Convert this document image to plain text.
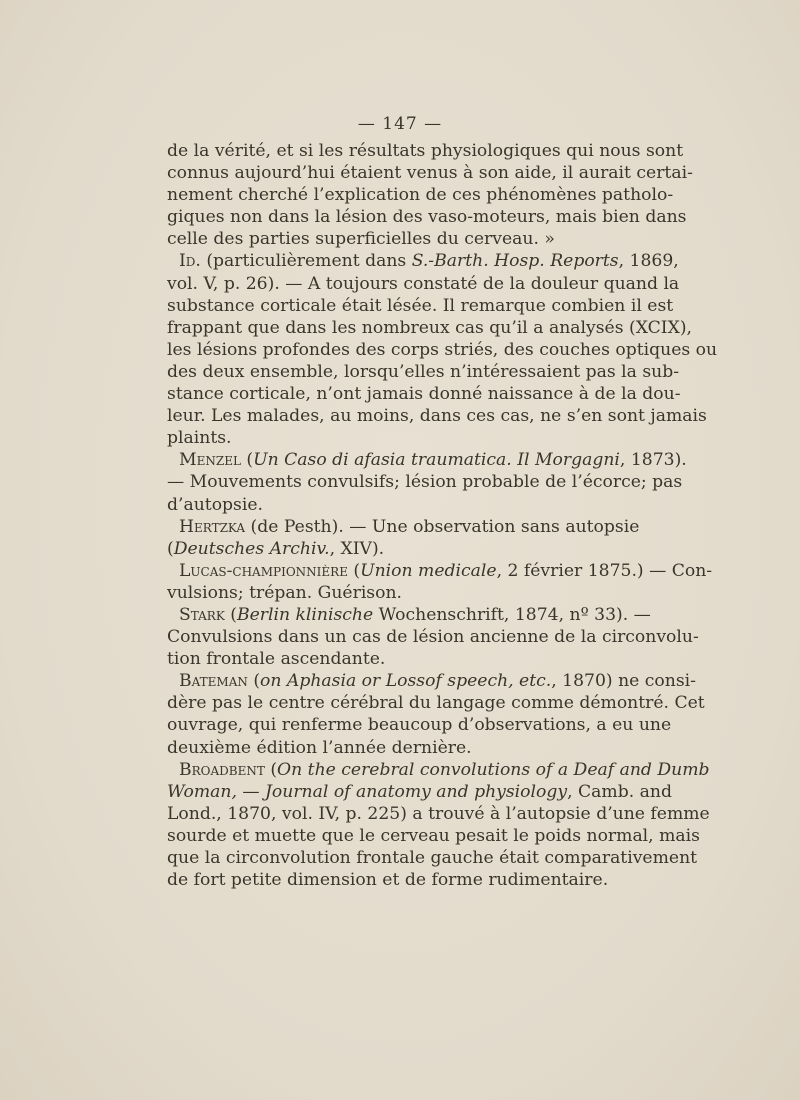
— 147 —
de la vérité, et si les résultats physiologiques qui nous sont
connus aujourd’hui étaient venus à son aide, il aurait certai-
nement cherché l’explication de ces phénomènes patholo-
giques non dans la lésion des vaso-moteurs, mais bien dans
celle des parties superficielles du cerveau. »
Id. (particulièrement dans S.-Barth. Hosp. Reports, 1869,
vol. V, p. 26). — A toujours constaté de la douleur quand la
substance corticale était lésée. Il remarque combien il est
frappant que dans les nombreux cas qu’il a analysés (XCIX),
les lésions profondes des corps striés, des couches optiques ou
des deux ensemble, lorsqu’elles n’intéressaient pas la sub-
stance corticale, n’ont jamais donné naissance à de la dou-
leur. Les malades, au moins, dans ces cas, ne s’en sont jamais
plaints.
Menzel (Un Caso di afasia traumatica. Il Morgagni, 1873).
— Mouvements convulsifs; lésion probable de l’écorce; pas
d’autopsie.
Hertzka (de Pesth). — Une observation sans autopsie
(Deutsches Archiv., XIV).
Lucas-championnière (Union medicale, 2 février 1875.) — Con-
vulsions; trépan. Guérison.
Stark (Berlin klinische Wochenschrift, 1874, nº 33). —
Convulsions dans un cas de lésion ancienne de la circonvolu-
tion frontale ascendante.
Bateman (on Aphasia or Lossof speech, etc., 1870) ne consi-
dère pas le centre cérébral du langage comme démontré. Cet
ouvrage, qui renferme beaucoup d’observations, a eu une
deuxième édition l’année dernière.
Broadbent (On the cerebral convolutions of a Deaf and Dumb
Woman, — Journal of anatomy and physiology, Camb. and
Lond., 1870, vol. IV, p. 225) a trouvé à l’autopsie d’une femme
sourde et muette que le cerveau pesait le poids normal, mais
que la circonvolution frontale gauche était comparativement
de fort petite dimension et de forme rudimentaire.
